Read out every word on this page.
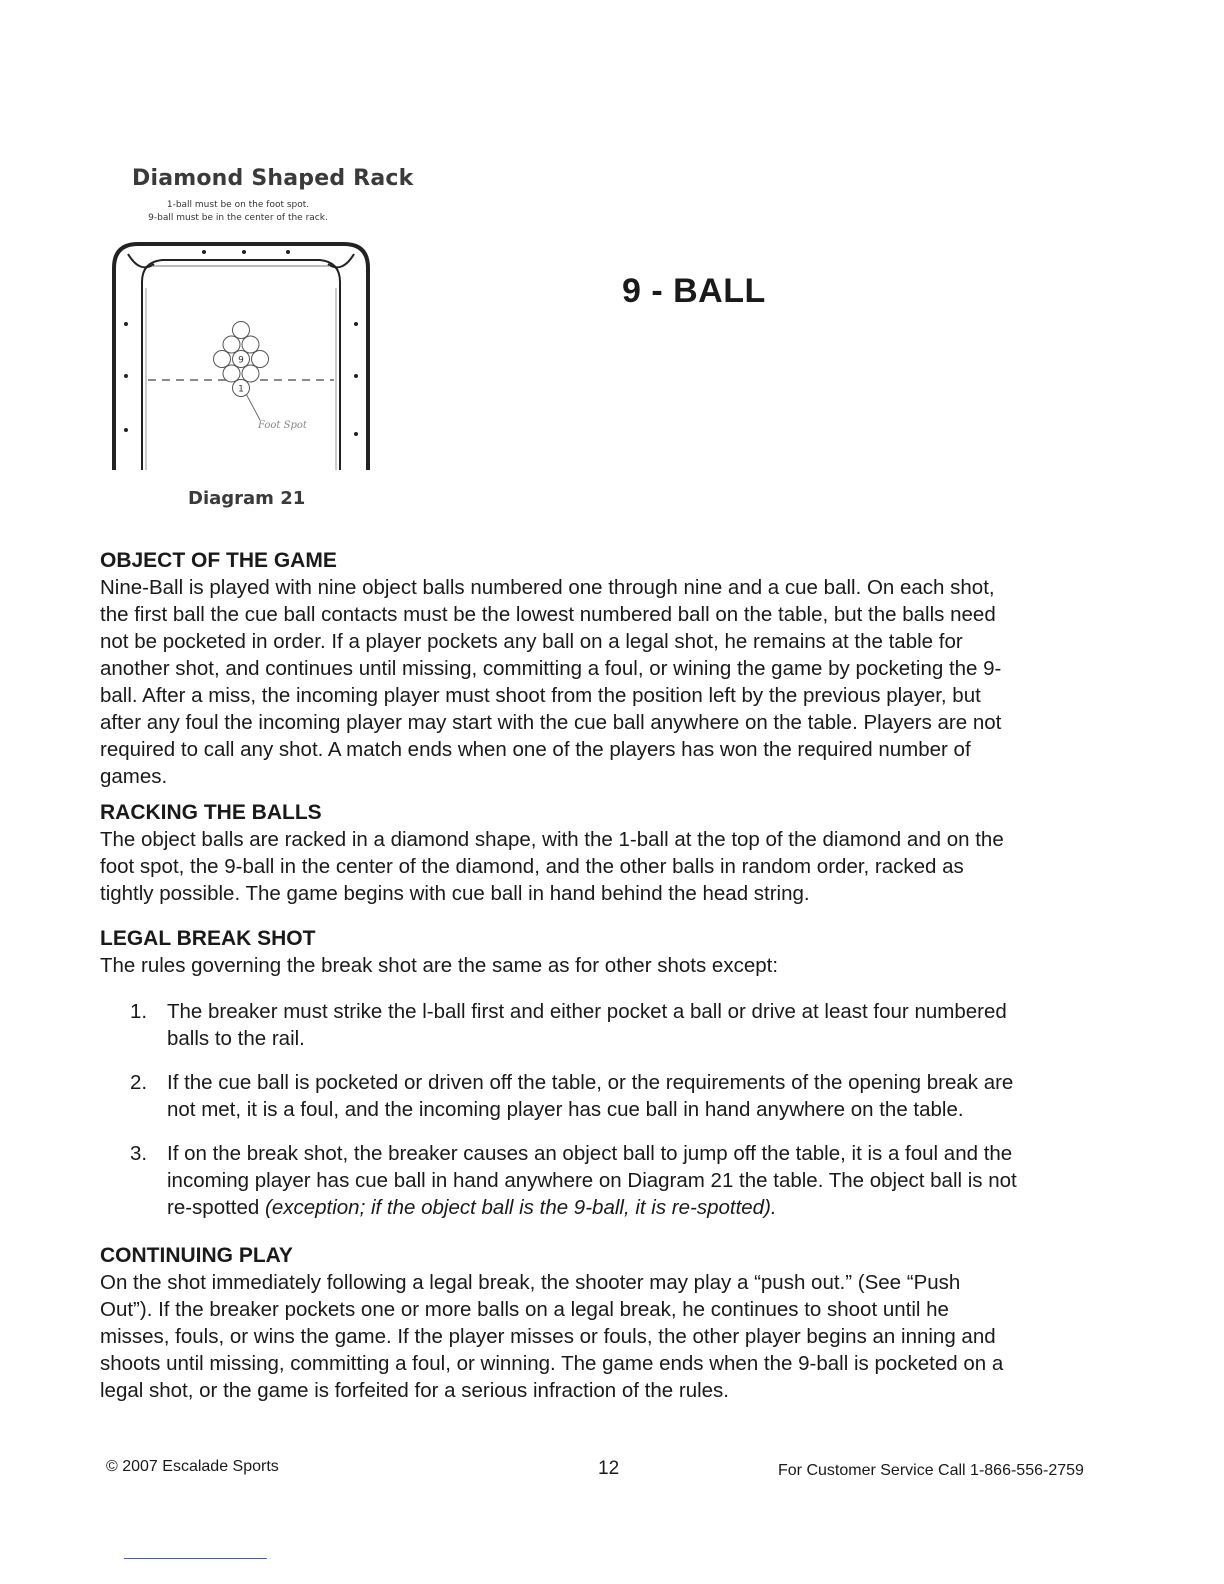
Diamond Shaped Rack
1-ball must be on the foot spot.
9-ball must be in the center of the rack.
Foot Spot
9
1
Diagram 21
9 - BALL

OBJECT OF THE GAME

Nine-Ball is played with nine object balls numbered one through nine and a cue ball. On each shot,

the first ball the cue ball contacts must be the lowest numbered ball on the table, but the balls need

not be pocketed in order. If a player pockets any ball on a legal shot, he remains at the table for

another shot, and continues until missing, committing a foul, or wining the game by pocketing the 9-

ball. After a miss, the incoming player must shoot from the position left by the previous player, but

after any foul the incoming player may start with the cue ball anywhere on the table. Players are not

required to call any shot. A match ends when one of the players has won the required number of

games.

RACKING THE BALLS

The object balls are racked in a diamond shape, with the 1-ball at the top of the diamond and on the

foot spot, the 9-ball in the center of the diamond, and the other balls in random order, racked as

tightly possible. The game begins with cue ball in hand behind the head string.

LEGAL BREAK SHOT

The rules governing the break shot are the same as for other shots except:

1. The breaker must strike the l-ball first and either pocket a ball or drive at least four numbered
balls to the rail.
2. If the cue ball is pocketed or driven off the table, or the requirements of the opening break are
not met, it is a foul, and the incoming player has cue ball in hand anywhere on the table.
3. If on the break shot, the breaker causes an object ball to jump off the table, it is a foul and the
incoming player has cue ball in hand anywhere on Diagram 21 the table. The object ball is not
re-spotted (exception; if the object ball is the 9-ball, it is re-spotted).

CONTINUING PLAY

On the shot immediately following a legal break, the shooter may play a “push out.” (See “Push

Out”). If the breaker pockets one or more balls on a legal break, he continues to shoot until he

misses, fouls, or wins the game. If the player misses or fouls, the other player begins an inning and

shoots until missing, committing a foul, or winning. The game ends when the 9-ball is pocketed on a

legal shot, or the game is forfeited for a serious infraction of the rules.

© 2007 Escalade Sports	12	For Customer Service Call 1-866-556-2759
